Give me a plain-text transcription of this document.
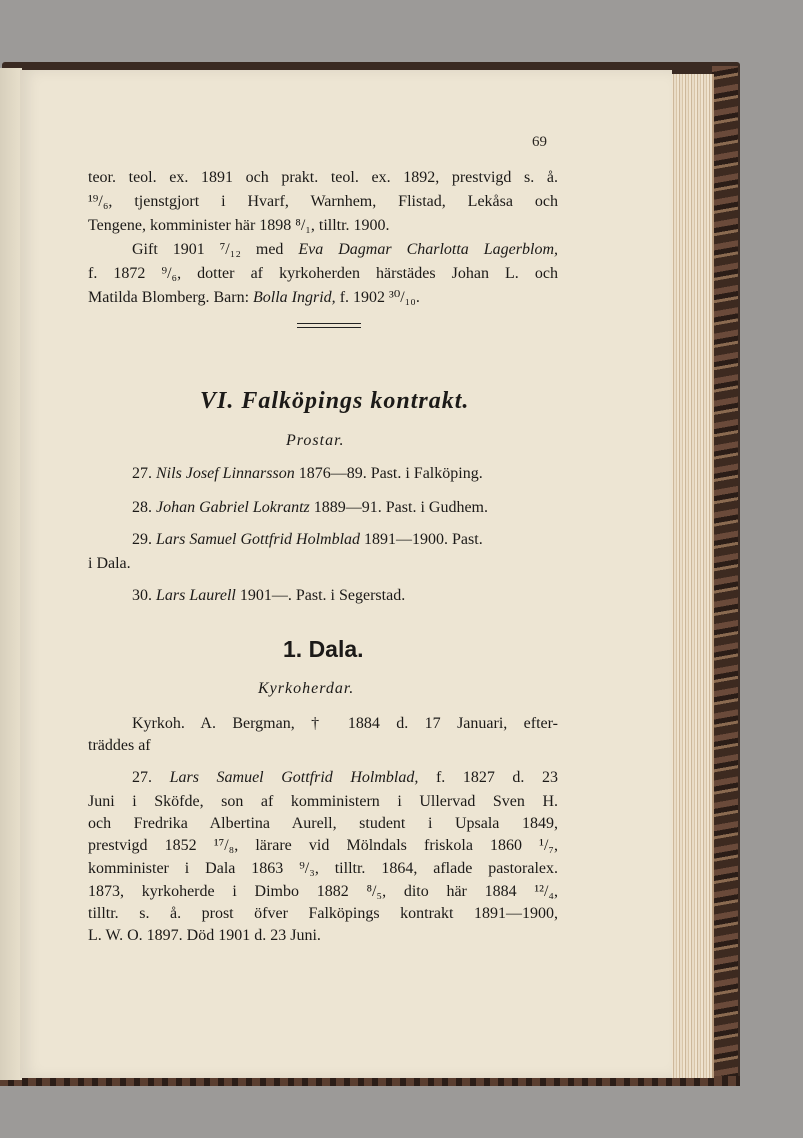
69
teor. teol. ex. 1891 och prakt. teol. ex. 1892, prestvigd s. å.
¹⁹/₆, tjenstgjort i Hvarf, Warnhem, Flistad, Lekåsa och
Tengene, komminister här 1898 ⁸/₁, tilltr. 1900.
Gift 1901 ⁷/₁₂ med Eva Dagmar Charlotta Lagerblom,
f. 1872 ⁹/₆, dotter af kyrkoherden härstädes Johan L. och
Matilda Blomberg. Barn: Bolla Ingrid, f. 1902 ³⁰/₁₀.
VI. Falköpings kontrakt.
Prostar.
27. Nils Josef Linnarsson 1876—89. Past. i Falköping.
28. Johan Gabriel Lokrantz 1889—91. Past. i Gudhem.
29. Lars Samuel Gottfrid Holmblad 1891—1900. Past.
i Dala.
30. Lars Laurell 1901—. Past. i Segerstad.
1. Dala.
Kyrkoherdar.
Kyrkoh. A. Bergman, † 1884 d. 17 Januari, efter-
träddes af
27. Lars Samuel Gottfrid Holmblad, f. 1827 d. 23
Juni i Sköfde, son af komministern i Ullervad Sven H.
och Fredrika Albertina Aurell, student i Upsala 1849,
prestvigd 1852 ¹⁷/₈, lärare vid Mölndals friskola 1860 ¹/₇,
komminister i Dala 1863 ⁹/₃, tilltr. 1864, aflade pastoralex.
1873, kyrkoherde i Dimbo 1882 ⁸/₅, dito här 1884 ¹²/₄,
tilltr. s. å. prost öfver Falköpings kontrakt 1891—1900,
L. W. O. 1897. Död 1901 d. 23 Juni.
